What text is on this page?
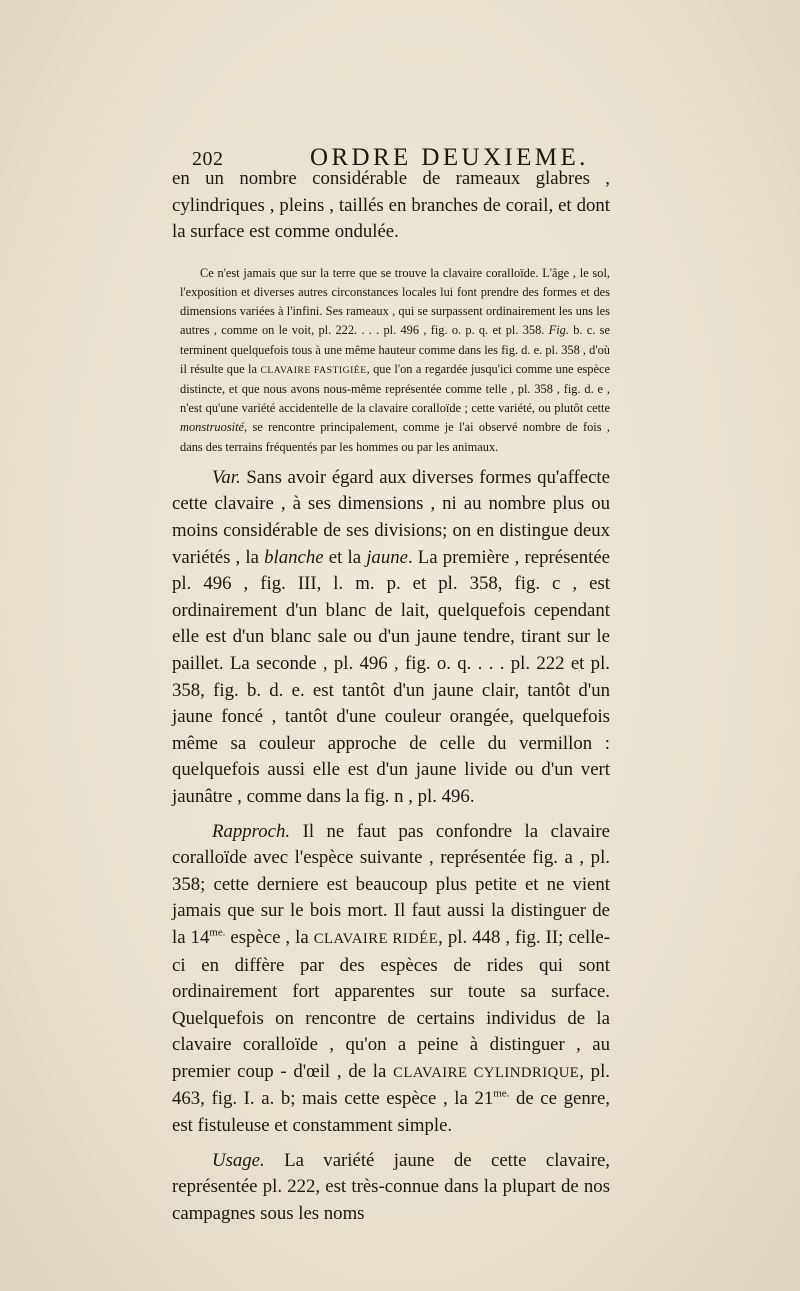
202	ORDRE DEUXIEME.

en un nombre considérable de rameaux glabres , cylindriques , pleins , taillés en branches de corail, et dont la surface est comme ondulée.

Ce n'est jamais que sur la terre que se trouve la clavaire coralloïde. L'âge , le sol, l'exposition et diverses autres circonstances locales lui font prendre des formes et des dimensions variées à l'infini. Ses rameaux , qui se surpassent ordinairement les uns les autres , comme on le voit, pl. 222. . . . pl. 496 , fig. o. p. q. et pl. 358. Fig. b. c. se terminent quelquefois tous à une même hauteur comme dans les fig. d. e. pl. 358 , d'où il résulte que la CLAVAIRE FASTIGIÉE, que l'on a regardée jusqu'ici comme une espèce distincte, et que nous avons nous-même représentée comme telle , pl. 358 , fig. d. e , n'est qu'une variété accidentelle de la clavaire coralloïde ; cette variété, ou plutôt cette monstruosité, se rencontre principalement, comme je l'ai observé nombre de fois , dans des terrains fréquentés par les hommes ou par les animaux.

Var. Sans avoir égard aux diverses formes qu'affecte cette clavaire , à ses dimensions , ni au nombre plus ou moins considérable de ses divisions; on en distingue deux variétés , la blanche et la jaune. La première , représentée pl. 496 , fig. III, l. m. p. et pl. 358, fig. c , est ordinairement d'un blanc de lait, quelquefois cependant elle est d'un blanc sale ou d'un jaune tendre, tirant sur le paillet. La seconde , pl. 496 , fig. o. q. . . . pl. 222 et pl. 358, fig. b. d. e. est tantôt d'un jaune clair, tantôt d'un jaune foncé , tantôt d'une couleur orangée, quelquefois même sa couleur approche de celle du vermillon : quelquefois aussi elle est d'un jaune livide ou d'un vert jaunâtre , comme dans la fig. n , pl. 496.

Rapproch. Il ne faut pas confondre la clavaire coralloïde avec l'espèce suivante , représentée fig. a , pl. 358; cette derniere est beaucoup plus petite et ne vient jamais que sur le bois mort. Il faut aussi la distinguer de la $14^{me.}$ espèce , la CLAVAIRE RIDÉE, pl. 448 , fig. II; celle-ci en diffère par des espèces de rides qui sont ordinairement fort apparentes sur toute sa surface. Quelquefois on rencontre de certains individus de la clavaire coralloïde , qu'on a peine à distinguer , au premier coup - d'œil , de la CLAVAIRE CYLINDRIQUE, pl. 463, fig. I. a. b; mais cette espèce , la $21^{me.}$ de ce genre, est fistuleuse et constamment simple.

Usage. La variété jaune de cette clavaire, représentée pl. 222, est très-connue dans la plupart de nos campagnes sous les noms
